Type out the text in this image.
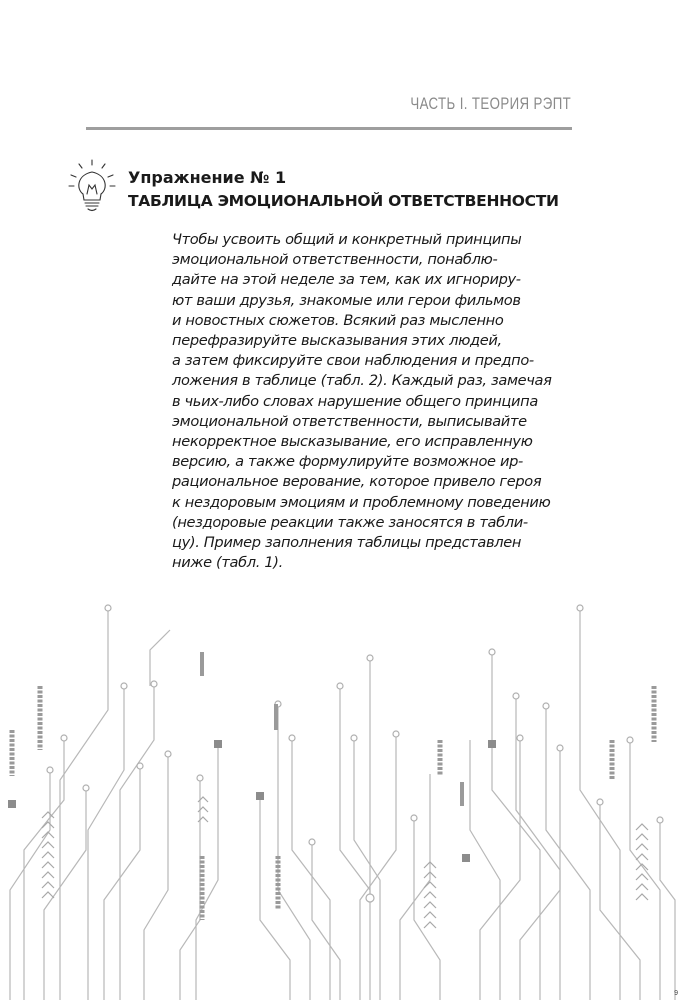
ЧАСТЬ I. ТЕОРИЯ РЭПТ
Упражнение № 1
ТАБЛИЦА ЭМОЦИОНАЛЬНОЙ ОТВЕТСТВЕННОСТИ
Чтобы усвоить общий и конкретный принципы
эмоциональной ответственности, понаблю-
дайте на этой неделе за тем, как их игнориру-
ют ваши друзья, знакомые или герои фильмов
и новостных сюжетов. Всякий раз мысленно
перефразируйте высказывания этих людей,
а затем фиксируйте свои наблюдения и предпо-
ложения в таблице (табл. 2). Каждый раз, замечая
в чьих-либо словах нарушение общего принципа
эмоциональной ответственности, выписывайте
некорректное высказывание, его исправленную
версию, а также формулируйте возможное ир-
рациональное верование, которое привело героя
к нездоровым эмоциям и проблемному поведению
(нездоровые реакции также заносятся в табли-
цу). Пример заполнения таблицы представлен
ниже (табл. 1).
9
